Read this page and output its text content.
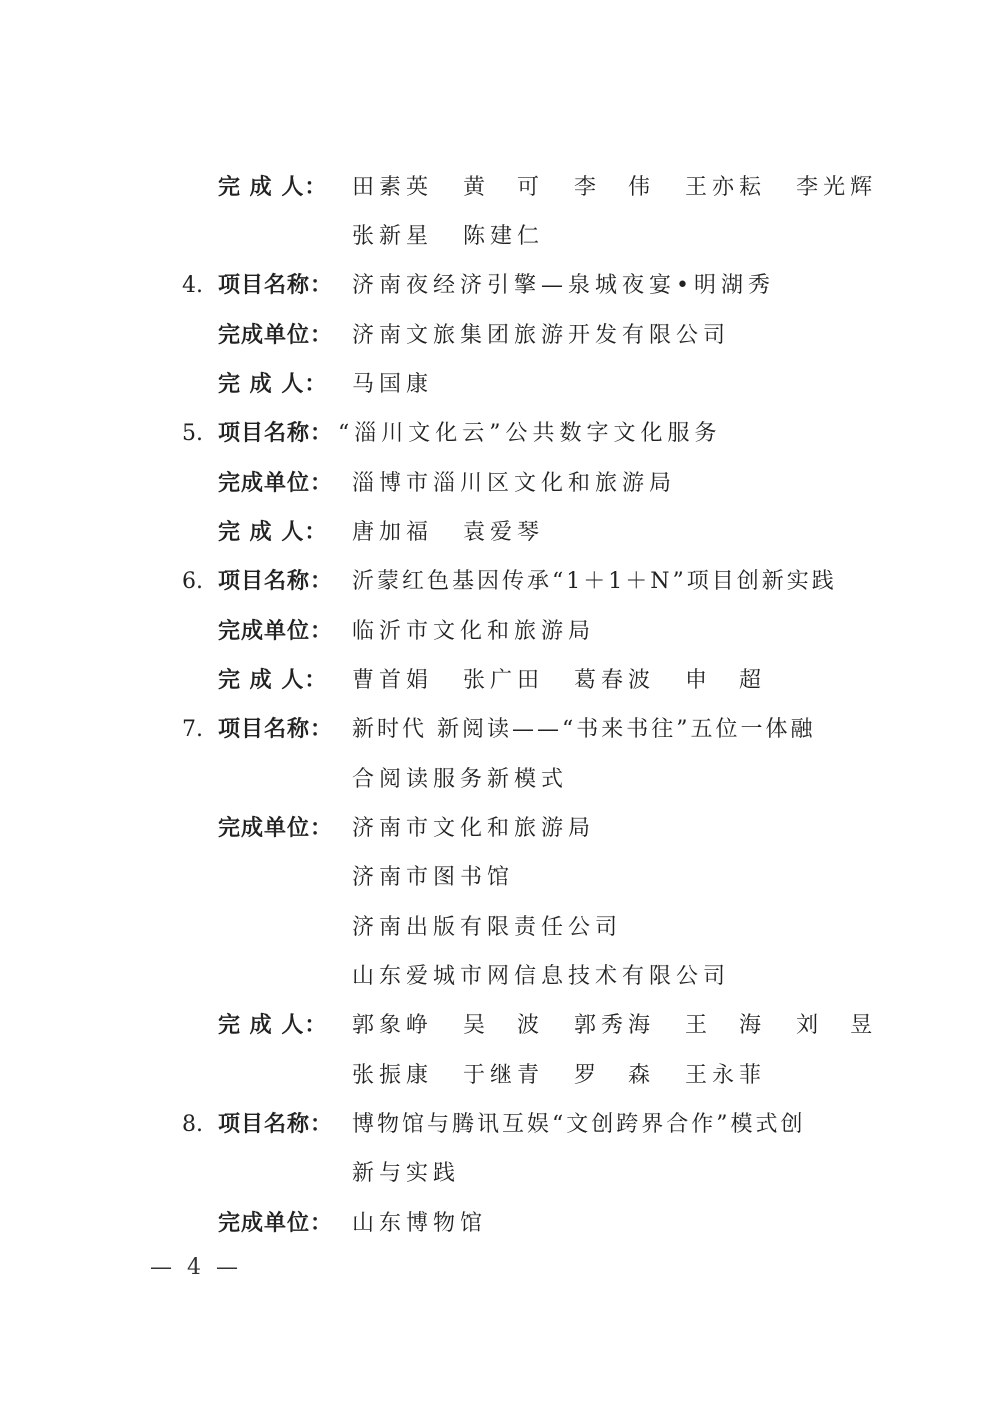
完 成 人： 田素英 黄　可 李　伟 王亦耘 李光辉
张新星 陈建仁
4. 项目名称： 济南夜经济引擎—泉城夜宴•明湖秀
完成单位： 济南文旅集团旅游开发有限公司
完 成 人： 马国康
5. 项目名称： “淄川文化云”公共数字文化服务
完成单位： 淄博市淄川区文化和旅游局
完 成 人： 唐加福 袁爱琴
6. 项目名称： 沂蒙红色基因传承“1＋1＋N”项目创新实践
完成单位： 临沂市文化和旅游局
完 成 人： 曹首娟 张广田 葛春波 申　超
7. 项目名称： 新时代 新阅读——“书来书往”五位一体融
合阅读服务新模式
完成单位： 济南市文化和旅游局
济南市图书馆
济南出版有限责任公司
山东爱城市网信息技术有限公司
完 成 人： 郭象峥 吴　波 郭秀海 王　海 刘　昱
张振康 于继青 罗　森 王永菲
8. 项目名称： 博物馆与腾讯互娱“文创跨界合作”模式创
新与实践
完成单位： 山东博物馆
— 4 —
